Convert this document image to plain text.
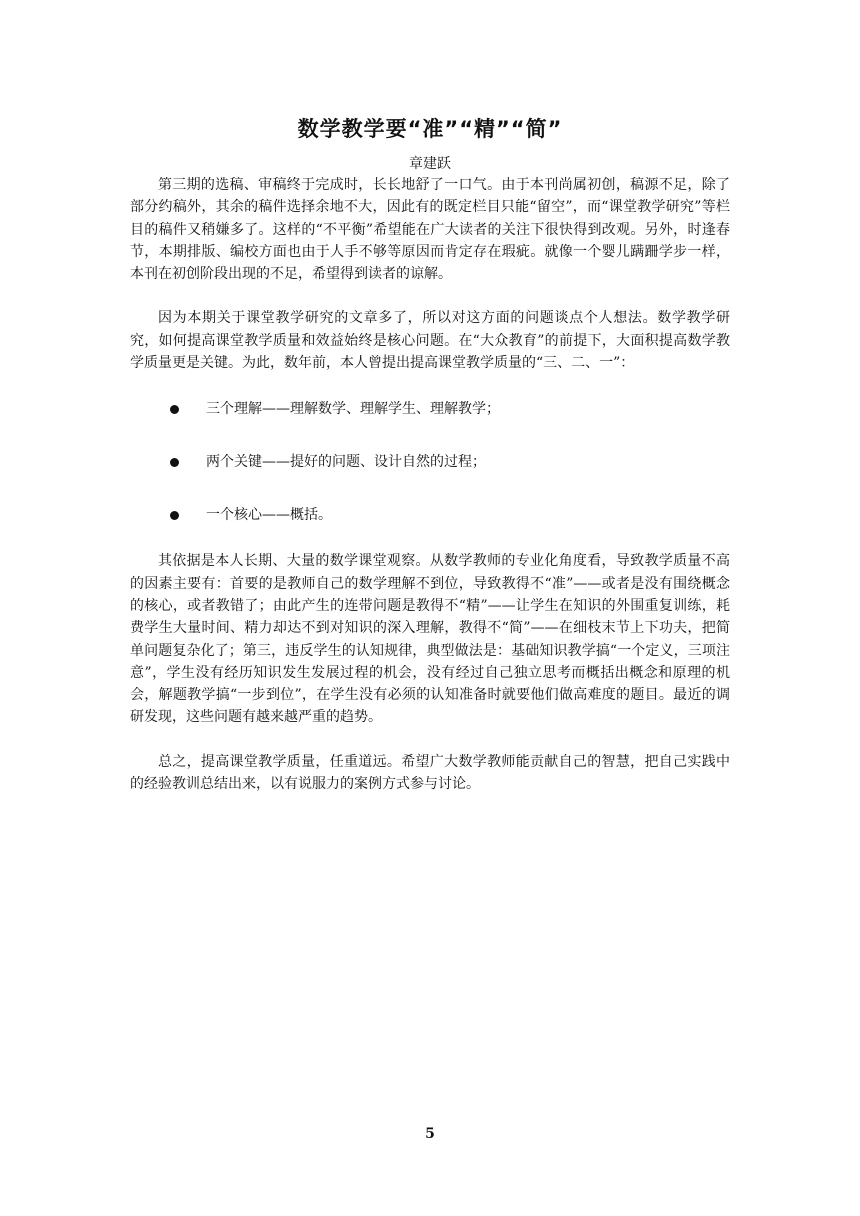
数学教学要“准”“精”“简”
章建跃

第三期的选稿、审稿终于完成时，长长地舒了一口气。由于本刊尚属初创，稿源不足，除了部分约稿外，其余的稿件选择余地不大，因此有的既定栏目只能“留空”，而“课堂教学研究”等栏目的稿件又稍嫌多了。这样的“不平衡”希望能在广大读者的关注下很快得到改观。另外，时逢春节，本期排版、编校方面也由于人手不够等原因而肯定存在瑕疵。就像一个婴儿蹒跚学步一样，本刊在初创阶段出现的不足，希望得到读者的谅解。

因为本期关于课堂教学研究的文章多了，所以对这方面的问题谈点个人想法。数学教学研究，如何提高课堂教学质量和效益始终是核心问题。在“大众教育”的前提下，大面积提高数学教学质量更是关键。为此，数年前，本人曾提出提高课堂教学质量的“三、二、一”：

三个理解——理解数学、理解学生、理解教学；
两个关键——提好的问题、设计自然的过程；
一个核心——概括。

其依据是本人长期、大量的数学课堂观察。从数学教师的专业化角度看，导致教学质量不高的因素主要有：首要的是教师自己的数学理解不到位，导致教得不“准”——或者是没有围绕概念的核心，或者教错了；由此产生的连带问题是教得不“精”——让学生在知识的外围重复训练，耗费学生大量时间、精力却达不到对知识的深入理解，教得不“简”——在细枝末节上下功夫，把简单问题复杂化了；第三，违反学生的认知规律，典型做法是：基础知识教学搞“一个定义，三项注意”，学生没有经历知识发生发展过程的机会，没有经过自己独立思考而概括出概念和原理的机会，解题教学搞“一步到位”，在学生没有必须的认知准备时就要他们做高难度的题目。最近的调研发现，这些问题有越来越严重的趋势。

总之，提高课堂教学质量，任重道远。希望广大数学教师能贡献自己的智慧，把自己实践中的经验教训总结出来，以有说服力的案例方式参与讨论。

5
